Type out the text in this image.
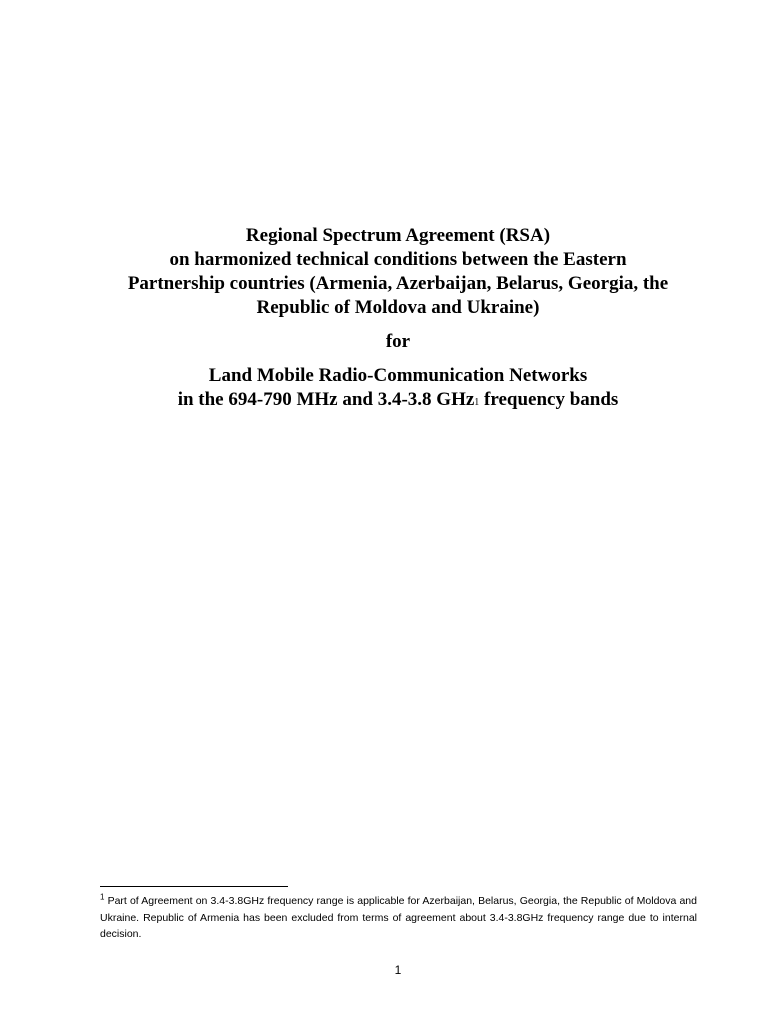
Regional Spectrum Agreement (RSA)
on harmonized technical conditions between the Eastern
Partnership countries (Armenia, Azerbaijan, Belarus, Georgia, the
Republic of Moldova and Ukraine)
for
Land Mobile Radio-Communication Networks
in the 694-790 MHz and 3.4-3.8 GHz1 frequency bands
$^1$ Part of Agreement on 3.4-3.8GHz frequency range is applicable for Azerbaijan, Belarus, Georgia, the Republic of Moldova and Ukraine. Republic of Armenia has been excluded from terms of agreement about 3.4-3.8GHz frequency range due to internal decision.
1
